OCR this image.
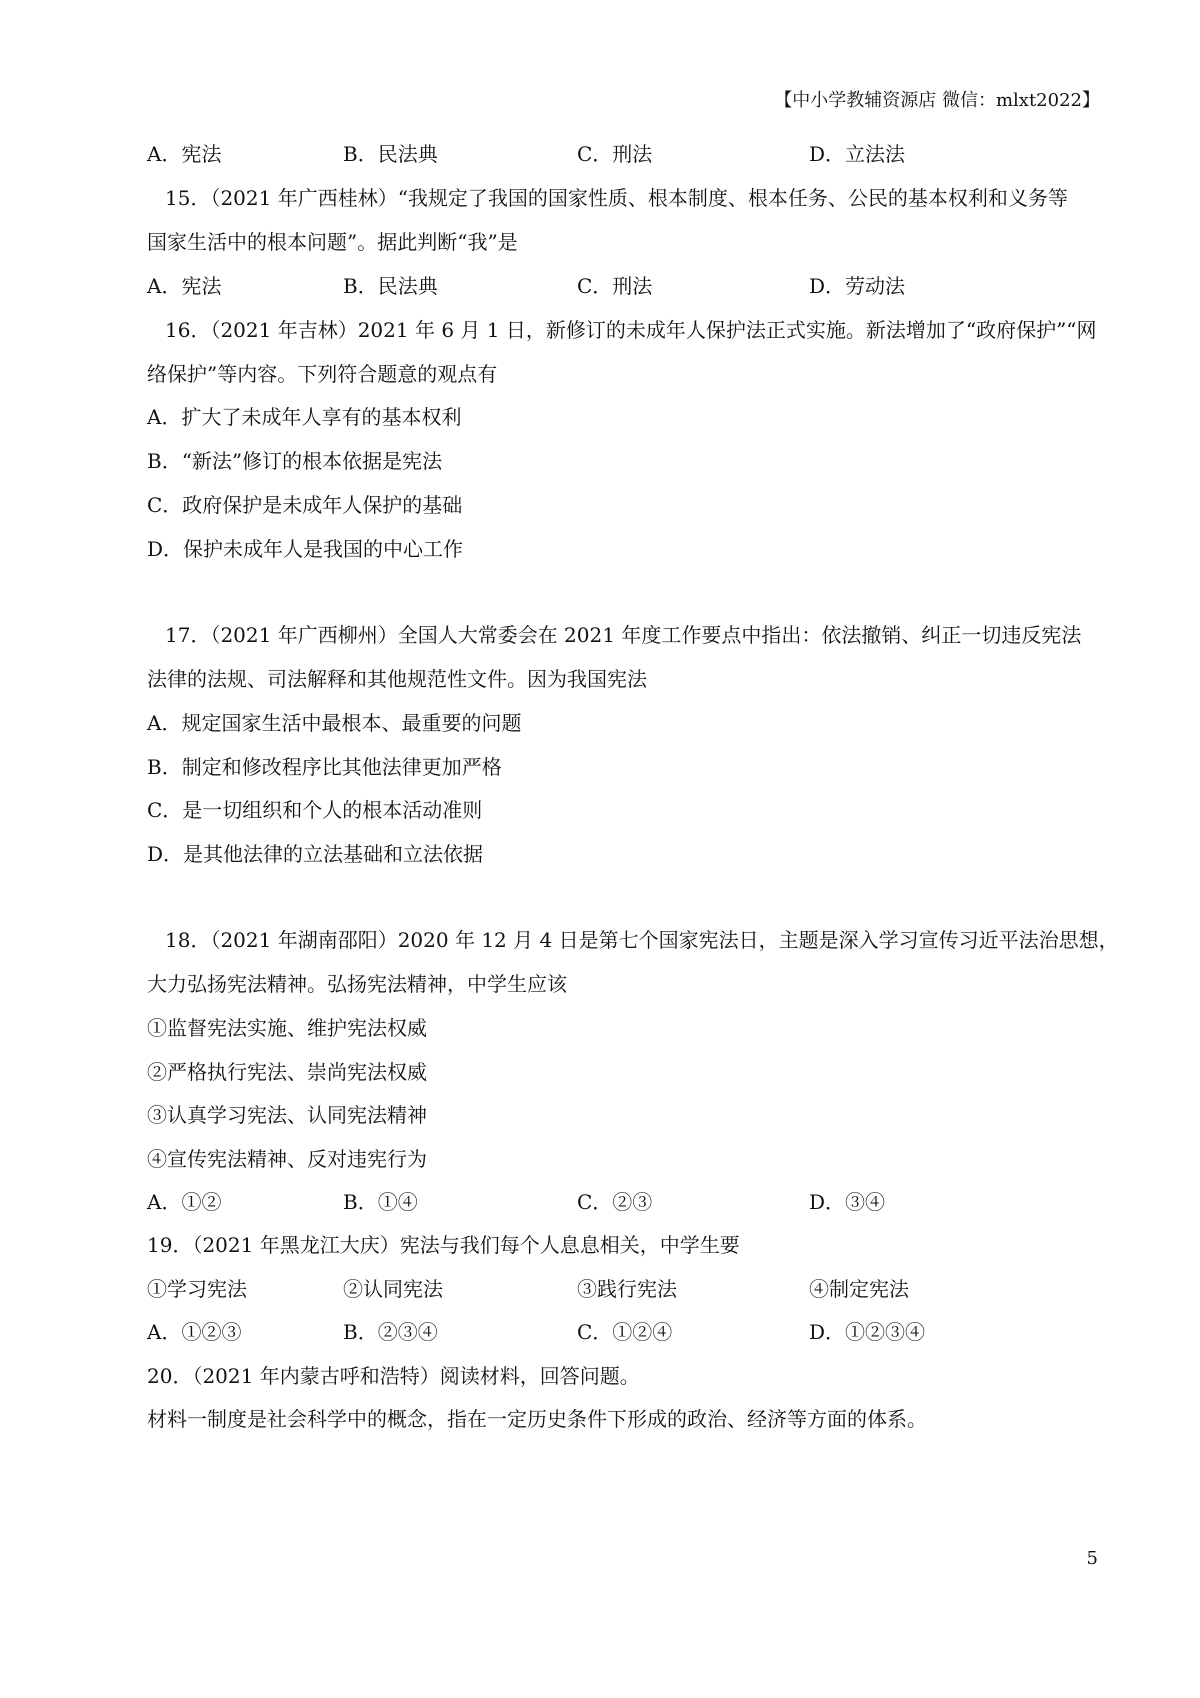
【中小学教辅资源店 微信：mlxt2022】
A．宪法	B．民法典	C．刑法	D．立法法
15．（2021 年广西桂林）“我规定了我国的国家性质、根本制度、根本任务、公民的基本权利和义务等
国家生活中的根本问题”。据此判断“我”是
A．宪法	B．民法典	C．刑法	D．劳动法
16．（2021 年吉林）2021 年 6 月 1 日，新修订的未成年人保护法正式实施。新法增加了“政府保护”“网
络保护”等内容。下列符合题意的观点有
A．扩大了未成年人享有的基本权利
B．“新法”修订的根本依据是宪法
C．政府保护是未成年人保护的基础
D．保护未成年人是我国的中心工作
17．（2021 年广西柳州）全国人大常委会在 2021 年度工作要点中指出：依法撤销、纠正一切违反宪法
法律的法规、司法解释和其他规范性文件。因为我国宪法
A．规定国家生活中最根本、最重要的问题
B．制定和修改程序比其他法律更加严格
C．是一切组织和个人的根本活动准则
D．是其他法律的立法基础和立法依据
18．（2021 年湖南邵阳）2020 年 12 月 4 日是第七个国家宪法日，主题是深入学习宣传习近平法治思想，
大力弘扬宪法精神。弘扬宪法精神，中学生应该
①监督宪法实施、维护宪法权威
②严格执行宪法、崇尚宪法权威
③认真学习宪法、认同宪法精神
④宣传宪法精神、反对违宪行为
A．①②	B．①④	C．②③	D．③④
19．（2021 年黑龙江大庆）宪法与我们每个人息息相关，中学生要
①学习宪法	②认同宪法	③践行宪法	④制定宪法
A．①②③	B．②③④	C．①②④	D．①②③④
20．（2021 年内蒙古呼和浩特）阅读材料，回答问题。
材料一制度是社会科学中的概念，指在一定历史条件下形成的政治、经济等方面的体系。
5
